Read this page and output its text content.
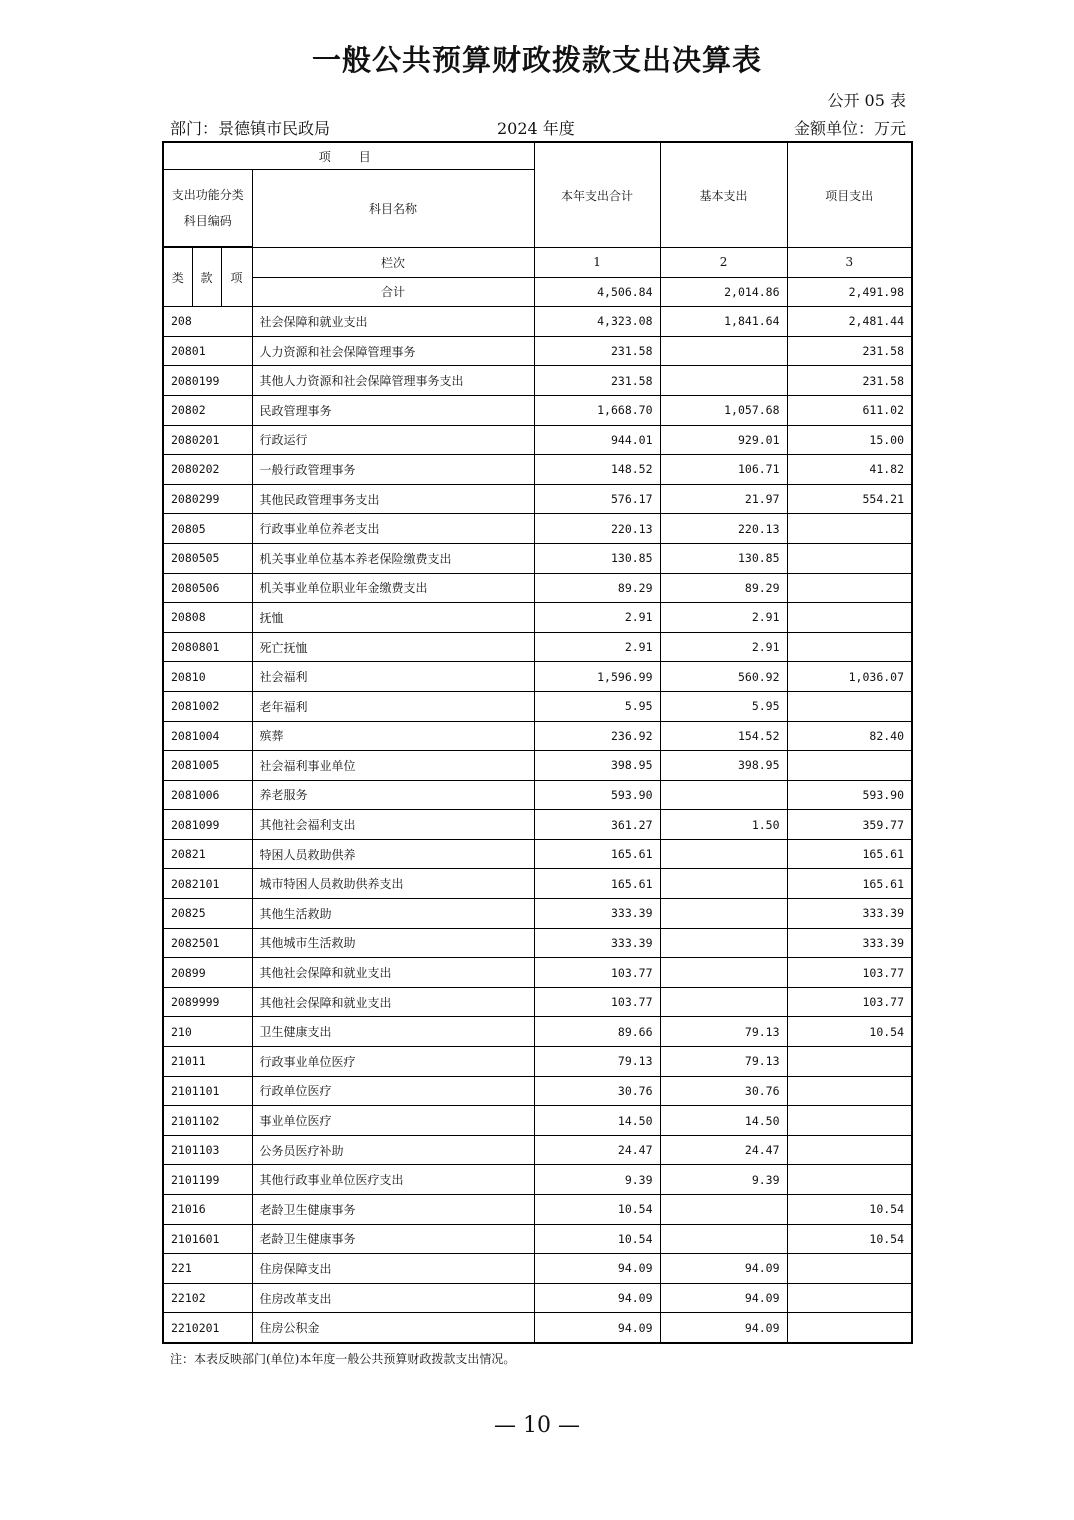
一般公共预算财政拨款支出决算表
公开 05 表
部门：景德镇市民政局	2024 年度	金额单位：万元
项　目				本年支出合计	基本支出	项目支出
支出功能分类科目编码			科目名称			

类	款	项	栏次	1	2	3
			合计	4,506.84	2,014.86	2,491.98
208			社会保障和就业支出	4,323.08	1,841.64	2,481.44
20801			人力资源和社会保障管理事务	231.58		231.58
2080199			其他人力资源和社会保障管理事务支出	231.58		231.58
20802			民政管理事务	1,668.70	1,057.68	611.02
2080201			行政运行	944.01	929.01	15.00
2080202			一般行政管理事务	148.52	106.71	41.82
2080299			其他民政管理事务支出	576.17	21.97	554.21
20805			行政事业单位养老支出	220.13	220.13	
2080505			机关事业单位基本养老保险缴费支出	130.85	130.85	
2080506			机关事业单位职业年金缴费支出	89.29	89.29	
20808			抚恤	2.91	2.91	
2080801			死亡抚恤	2.91	2.91	
20810			社会福利	1,596.99	560.92	1,036.07
2081002			老年福利	5.95	5.95	
2081004			殡葬	236.92	154.52	82.40
2081005			社会福利事业单位	398.95	398.95	
2081006			养老服务	593.90		593.90
2081099			其他社会福利支出	361.27	1.50	359.77
20821			特困人员救助供养	165.61		165.61
2082101			城市特困人员救助供养支出	165.61		165.61
20825			其他生活救助	333.39		333.39
2082501			其他城市生活救助	333.39		333.39
20899			其他社会保障和就业支出	103.77		103.77
2089999			其他社会保障和就业支出	103.77		103.77
210			卫生健康支出	89.66	79.13	10.54
21011			行政事业单位医疗	79.13	79.13	
2101101			行政单位医疗	30.76	30.76	
2101102			事业单位医疗	14.50	14.50	
2101103			公务员医疗补助	24.47	24.47	
2101199			其他行政事业单位医疗支出	9.39	9.39	
21016			老龄卫生健康事务	10.54		10.54
2101601			老龄卫生健康事务	10.54		10.54
221			住房保障支出	94.09	94.09	
22102			住房改革支出	94.09	94.09	
2210201			住房公积金	94.09	94.09	
注：本表反映部门(单位)本年度一般公共预算财政拨款支出情况。
— 10 —
